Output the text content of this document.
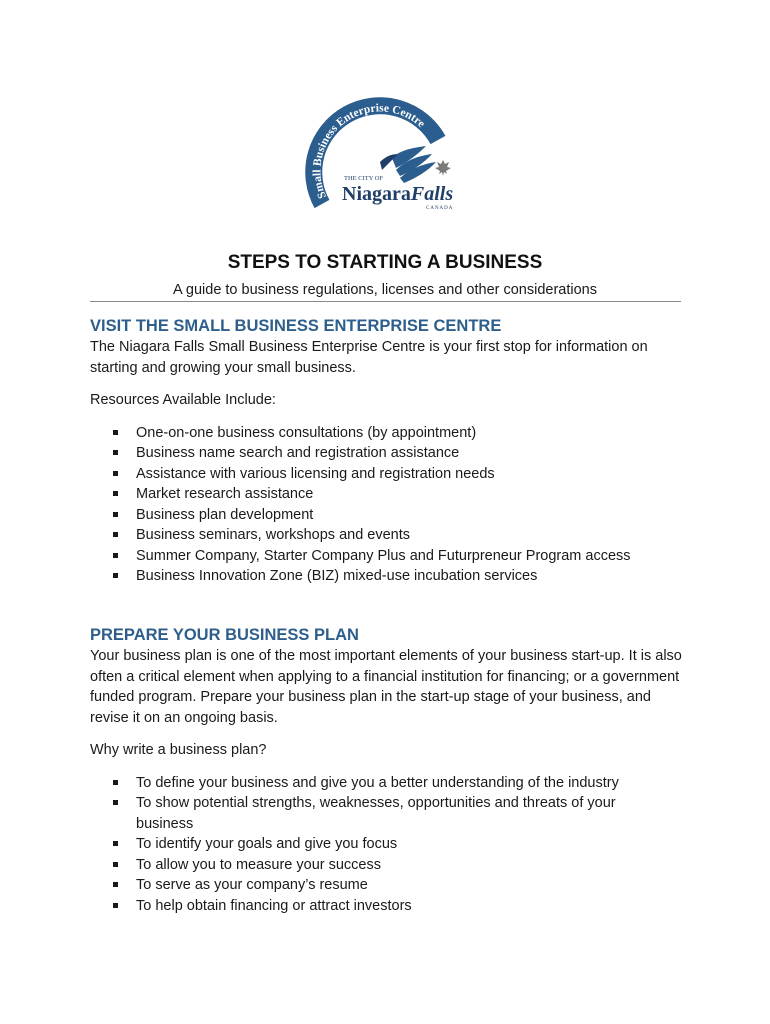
Small Business Enterprise Centre
THE CITY OF
NiagaraFalls
CANADA
STEPS TO STARTING A BUSINESS

A guide to business regulations, licenses and other considerations

VISIT THE SMALL BUSINESS ENTERPRISE CENTRE

The Niagara Falls Small Business Enterprise Centre is your first stop for information on starting and growing your small business.

Resources Available Include:

One-on-one business consultations (by appointment)
Business name search and registration assistance
Assistance with various licensing and registration needs
Market research assistance
Business plan development
Business seminars, workshops and events
Summer Company, Starter Company Plus and Futurpreneur Program access
Business Innovation Zone (BIZ) mixed-use incubation services
PREPARE YOUR BUSINESS PLAN

Your business plan is one of the most important elements of your business start-up. It is also often a critical element when applying to a financial institution for financing; or a government funded program. Prepare your business plan in the start-up stage of your business, and revise it on an ongoing basis.

Why write a business plan?

To define your business and give you a better understanding of the industry
To show potential strengths, weaknesses, opportunities and threats of your business
To identify your goals and give you focus
To allow you to measure your success
To serve as your company’s resume
To help obtain financing or attract investors
